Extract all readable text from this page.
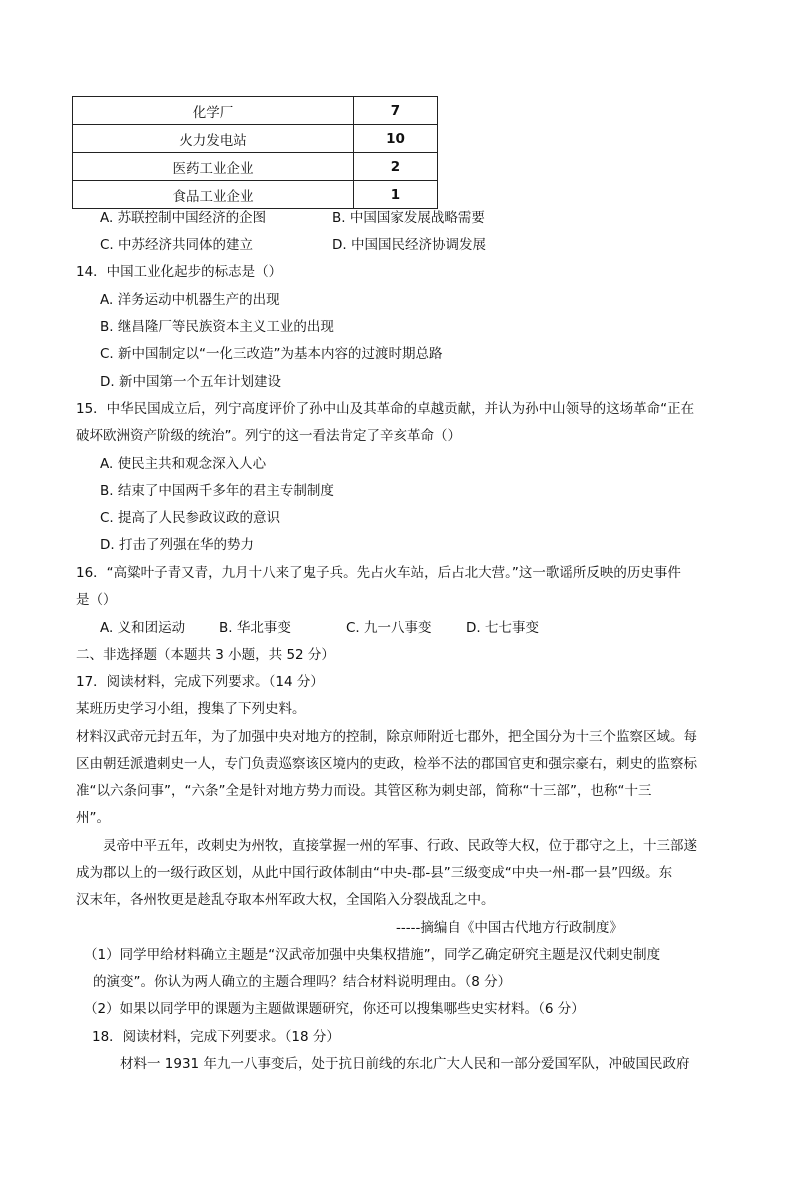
化学厂	7
火力发电站	10
医药工业企业	2
食品工业企业	1
A. 苏联控制中国经济的企图	B. 中国国家发展战略需要
C. 中苏经济共同体的建立	D. 中国国民经济协调发展
14．中国工业化起步的标志是（）
A. 洋务运动中机器生产的出现
B. 继昌隆厂等民族资本主义工业的出现
C. 新中国制定以“一化三改造”为基本内容的过渡时期总路
D. 新中国第一个五年计划建设
15．中华民国成立后，列宁高度评价了孙中山及其革命的卓越贡献，并认为孙中山领导的这场革命“正在
破坏欧洲资产阶级的统治”。列宁的这一看法肯定了辛亥革命（）
A. 使民主共和观念深入人心
B. 结束了中国两千多年的君主专制制度
C. 提高了人民参政议政的意识
D. 打击了列强在华的势力
16．“高粱叶子青又青，九月十八来了鬼子兵。先占火车站，后占北大营。”这一歌谣所反映的历史事件
是（）
A. 义和团运动	B. 华北事变	C. 九一八事变	D. 七七事变
二、非选择题（本题共 3 小题，共 52 分）
17．阅读材料，完成下列要求。（14 分）
某班历史学习小组，搜集了下列史料。
材料汉武帝元封五年，为了加强中央对地方的控制，除京师附近七郡外，把全国分为十三个监察区域。每
区由朝廷派遣刺史一人，专门负责巡察该区境内的吏政，检举不法的郡国官吏和强宗豪右，刺史的监察标
准“以六条问事”，“六条”全是针对地方势力而设。其管区称为刺史部，简称“十三部”，也称“十三
州”。
灵帝中平五年，改刺史为州牧，直接掌握一州的军事、行政、民政等大权，位于郡守之上，十三部遂
成为郡以上的一级行政区划，从此中国行政体制由“中央-郡-县”三级变成“中央一州-郡一县”四级。东
汉末年，各州牧更是趁乱夺取本州军政大权，全国陷入分裂战乱之中。
-----摘编自《中国古代地方行政制度》
（1）同学甲给材料确立主题是“汉武帝加强中央集权措施”，同学乙确定研究主题是汉代刺史制度
的演变”。你认为两人确立的主题合理吗？结合材料说明理由。（8 分）
（2）如果以同学甲的课题为主题做课题研究，你还可以搜集哪些史实材料。（6 分）
18．阅读材料，完成下列要求。（18 分）
材料一 1931 年九一八事变后，处于抗日前线的东北广大人民和一部分爱国军队，冲破国民政府
